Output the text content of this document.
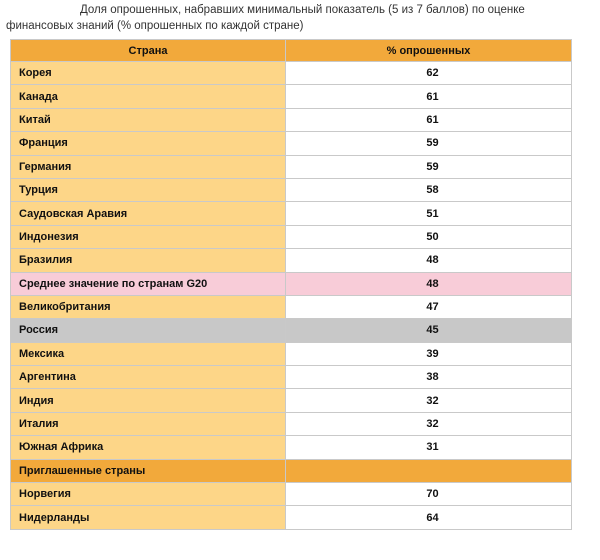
Доля опрошенных, набравших минимальный показатель (5 из 7 баллов) по оценке финансовых знаний (% опрошенных по каждой стране)
Страна	% опрошенных
Корея	62
Канада	61
Китай	61
Франция	59
Германия	59
Турция	58
Саудовская Аравия	51
Индонезия	50
Бразилия	48
Среднее значение по странам G20	48
Великобритания	47
Россия	45
Мексика	39
Аргентина	38
Индия	32
Италия	32
Южная Африка	31
Приглашенные страны	
Норвегия	70
Нидерланды	64
